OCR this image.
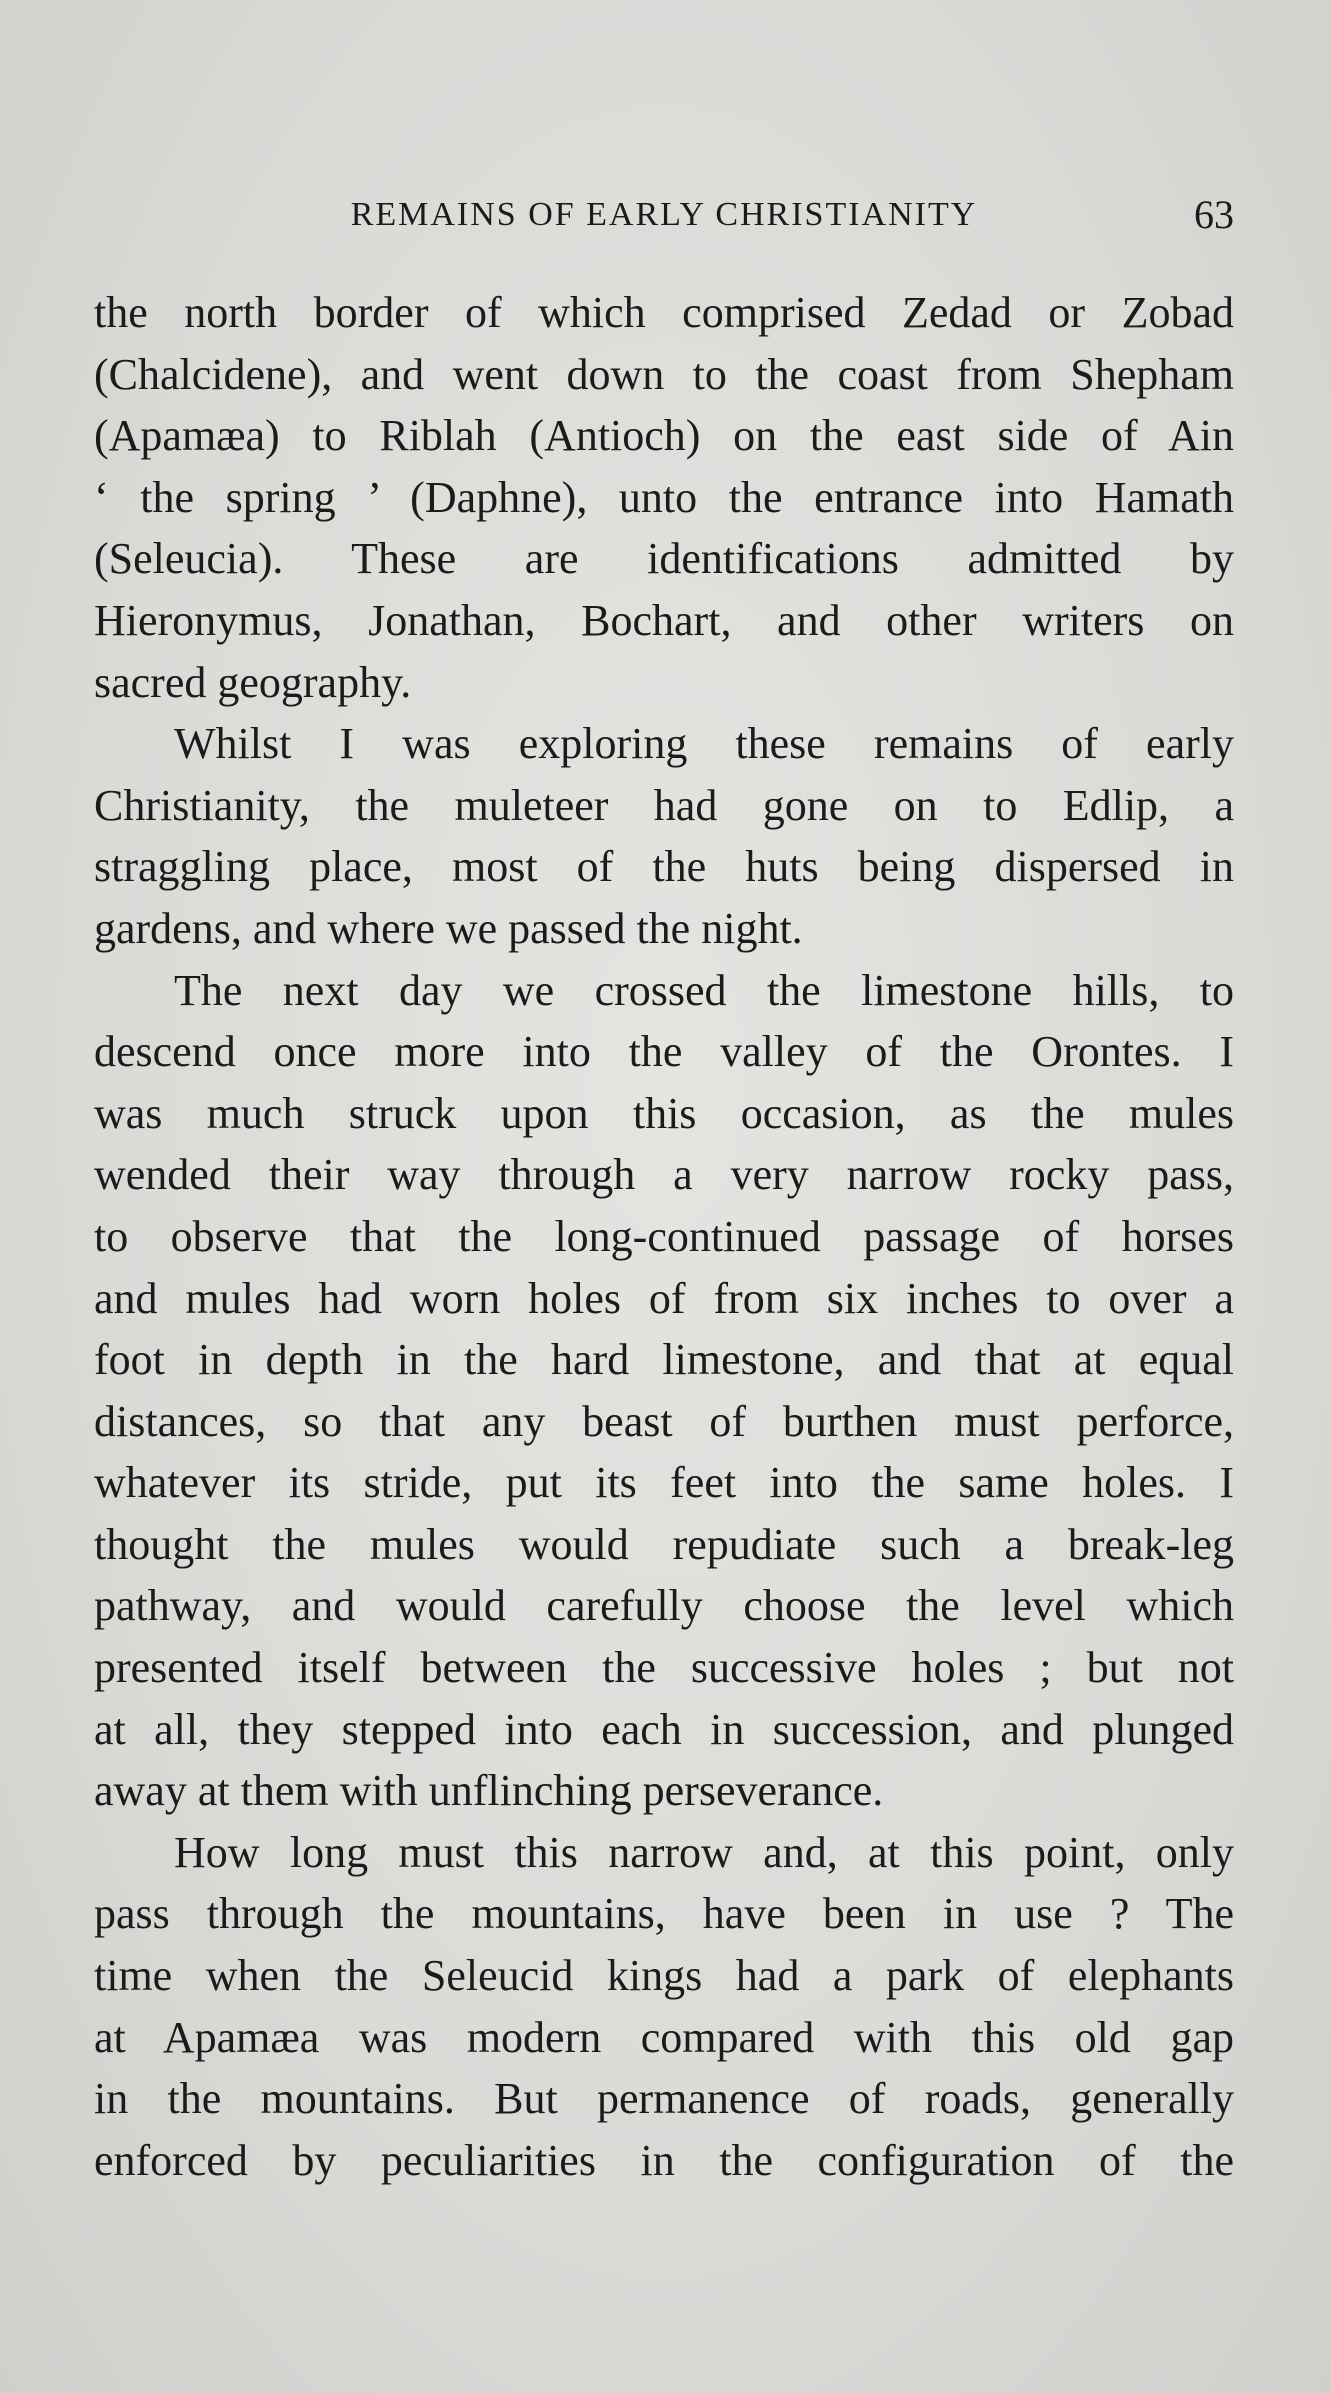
REMAINS OF EARLY CHRISTIANITY	63
the north border of which comprised Zedad or Zobad
(Chalcidene), and went down to the coast from Shepham
(Apamæa) to Riblah (Antioch) on the east side of Ain
‘ the spring ’ (Daphne), unto the entrance into Hamath
(Seleucia). These are identifications admitted by
Hieronymus, Jonathan, Bochart, and other writers on
sacred geography.
Whilst I was exploring these remains of early
Christianity, the muleteer had gone on to Edlip, a
straggling place, most of the huts being dispersed in
gardens, and where we passed the night.
The next day we crossed the limestone hills, to
descend once more into the valley of the Orontes. I
was much struck upon this occasion, as the mules
wended their way through a very narrow rocky pass,
to observe that the long-continued passage of horses
and mules had worn holes of from six inches to over a
foot in depth in the hard limestone, and that at equal
distances, so that any beast of burthen must perforce,
whatever its stride, put its feet into the same holes. I
thought the mules would repudiate such a break-leg
pathway, and would carefully choose the level which
presented itself between the successive holes ; but not
at all, they stepped into each in succession, and plunged
away at them with unflinching perseverance.
How long must this narrow and, at this point, only
pass through the mountains, have been in use ? The
time when the Seleucid kings had a park of elephants
at Apamæa was modern compared with this old gap
in the mountains. But permanence of roads, generally
enforced by peculiarities in the configuration of the
